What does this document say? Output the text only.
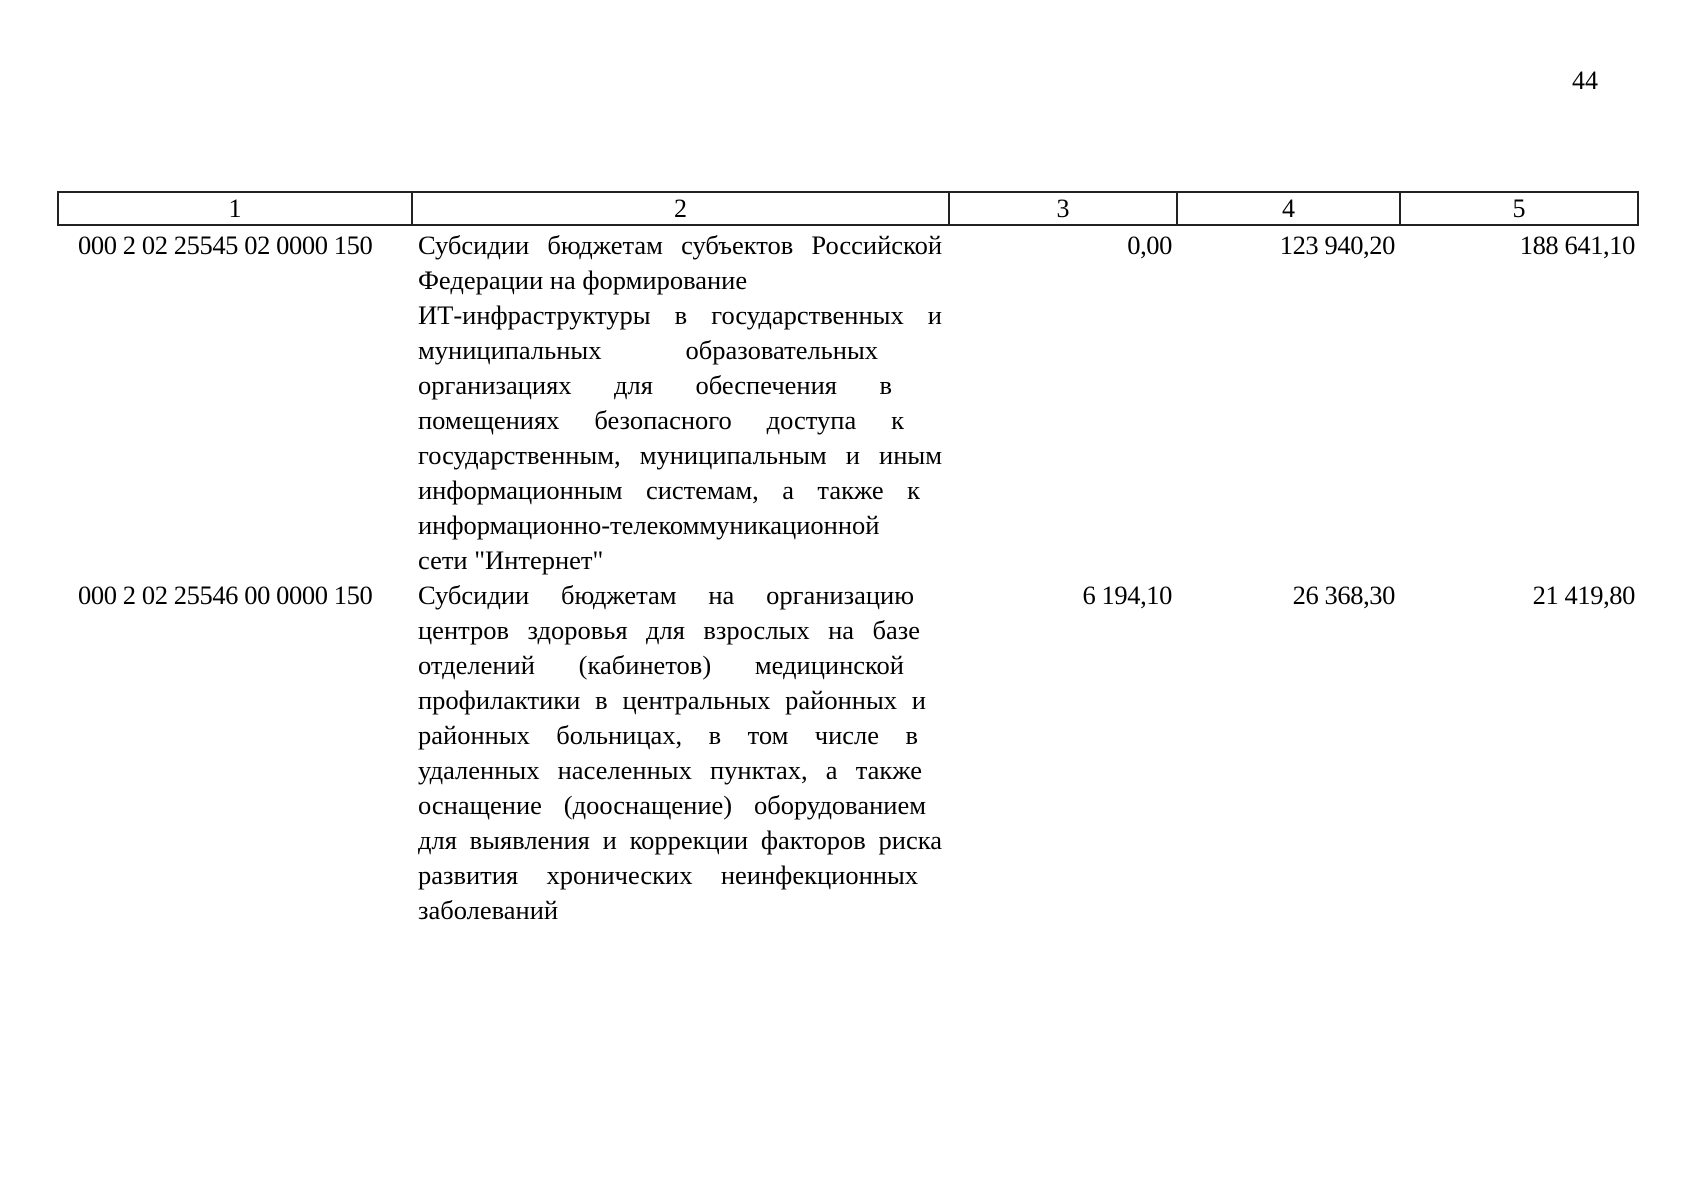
44
1	2	3	4	5
000 2 02 25545 02 0000 150	Субсидии бюджетам субъектов Российской
Федерации на формирование
ИТ-инфраструктуры в государственных и
муниципальных образовательных
организациях для обеспечения в
помещениях безопасного доступа к
государственным, муниципальным и иным
информационным системам, а также к
информационно-телекоммуникационной
сети "Интернет"
0,00	123 940,20	188 641,10
000 2 02 25546 00 0000 150	Субсидии бюджетам на организацию
центров здоровья для взрослых на базе
отделений (кабинетов) медицинской
профилактики в центральных районных и
районных больницах, в том числе в
удаленных населенных пунктах, а также
оснащение (дооснащение) оборудованием
для выявления и коррекции факторов риска
развития хронических неинфекционных
заболеваний
6 194,10	26 368,30	21 419,80
